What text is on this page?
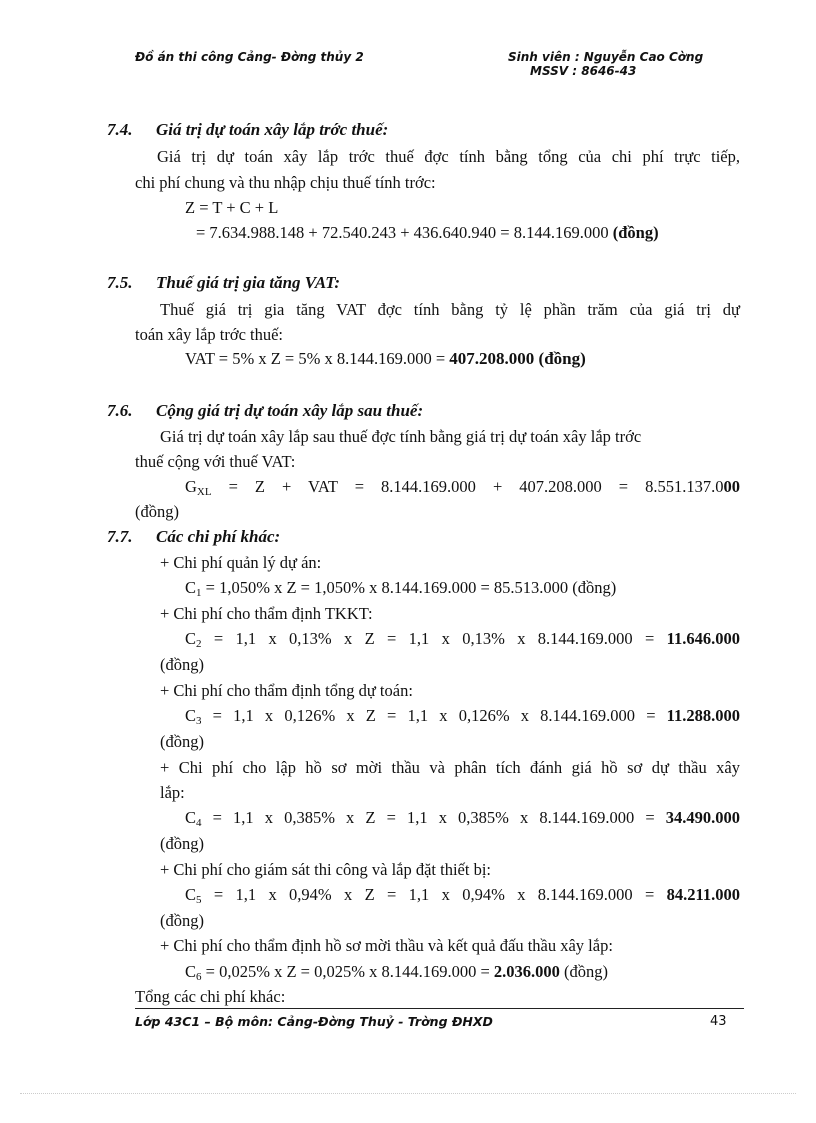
Đồ án thi công Cảng- Đờng thủy 2	Sinh viên : Nguyễn Cao Cờng
MSSV : 8646-43
7.4. Giá trị dự toán xây lắp trớc thuế:
Giá trị dự toán xây lắp trớc thuế đợc tính bằng tổng của chi phí trực tiếp,
chi phí chung và thu nhập chịu thuế tính trớc:
Z = T + C + L
= 7.634.988.148 + 72.540.243 + 436.640.940 = 8.144.169.000 (đồng)
7.5. Thuế giá trị gia tăng VAT:
Thuế giá trị gia tăng VAT đợc tính bằng tỷ lệ phần trăm của giá trị dự
toán xây lắp trớc thuế:
VAT = 5% x Z = 5% x 8.144.169.000 = 407.208.000 (đồng)
7.6. Cộng giá trị dự toán xây lắp sau thuế:
Giá trị dự toán xây lắp sau thuế đợc tính bằng giá trị dự toán xây lắp trớc
thuế cộng với thuế VAT:
$G_{XL} = Z$ + VAT = 8.144.169.000 + 407.208.000 = 8.551.137.000
(đồng)
7.7. Các chi phí khác:
+ Chi phí quản lý dự án:
$C_1 = 1,050\%$ x Z = 1,050% x 8.144.169.000 = 85.513.000 (đồng)
+ Chi phí cho thẩm định TKKT:
$C_2 = 1,1$ x 0,13% x Z = 1,1 x 0,13% x 8.144.169.000 = 11.646.000
(đồng)
+ Chi phí cho thẩm định tổng dự toán:
$C_3 = 1,1$ x 0,126% x Z = 1,1 x 0,126% x 8.144.169.000 = 11.288.000
(đồng)
+ Chi phí cho lập hồ sơ mời thầu và phân tích đánh giá hồ sơ dự thầu xây
lắp:
$C_4 = 1,1$ x 0,385% x Z = 1,1 x 0,385% x 8.144.169.000 = 34.490.000
(đồng)
+ Chi phí cho giám sát thi công và lắp đặt thiết bị:
$C_5 = 1,1$ x 0,94% x Z = 1,1 x 0,94% x 8.144.169.000 = 84.211.000
(đồng)
+ Chi phí cho thẩm định hồ sơ mời thầu và kết quả đấu thầu xây lắp:
$C_6 = 0,025\%$ x Z = 0,025% x 8.144.169.000 = 2.036.000 (đồng)
Tổng các chi phí khác:
Lớp 43C1 – Bộ môn: Cảng-Đờng Thuỷ - Trờng ĐHXD	43
